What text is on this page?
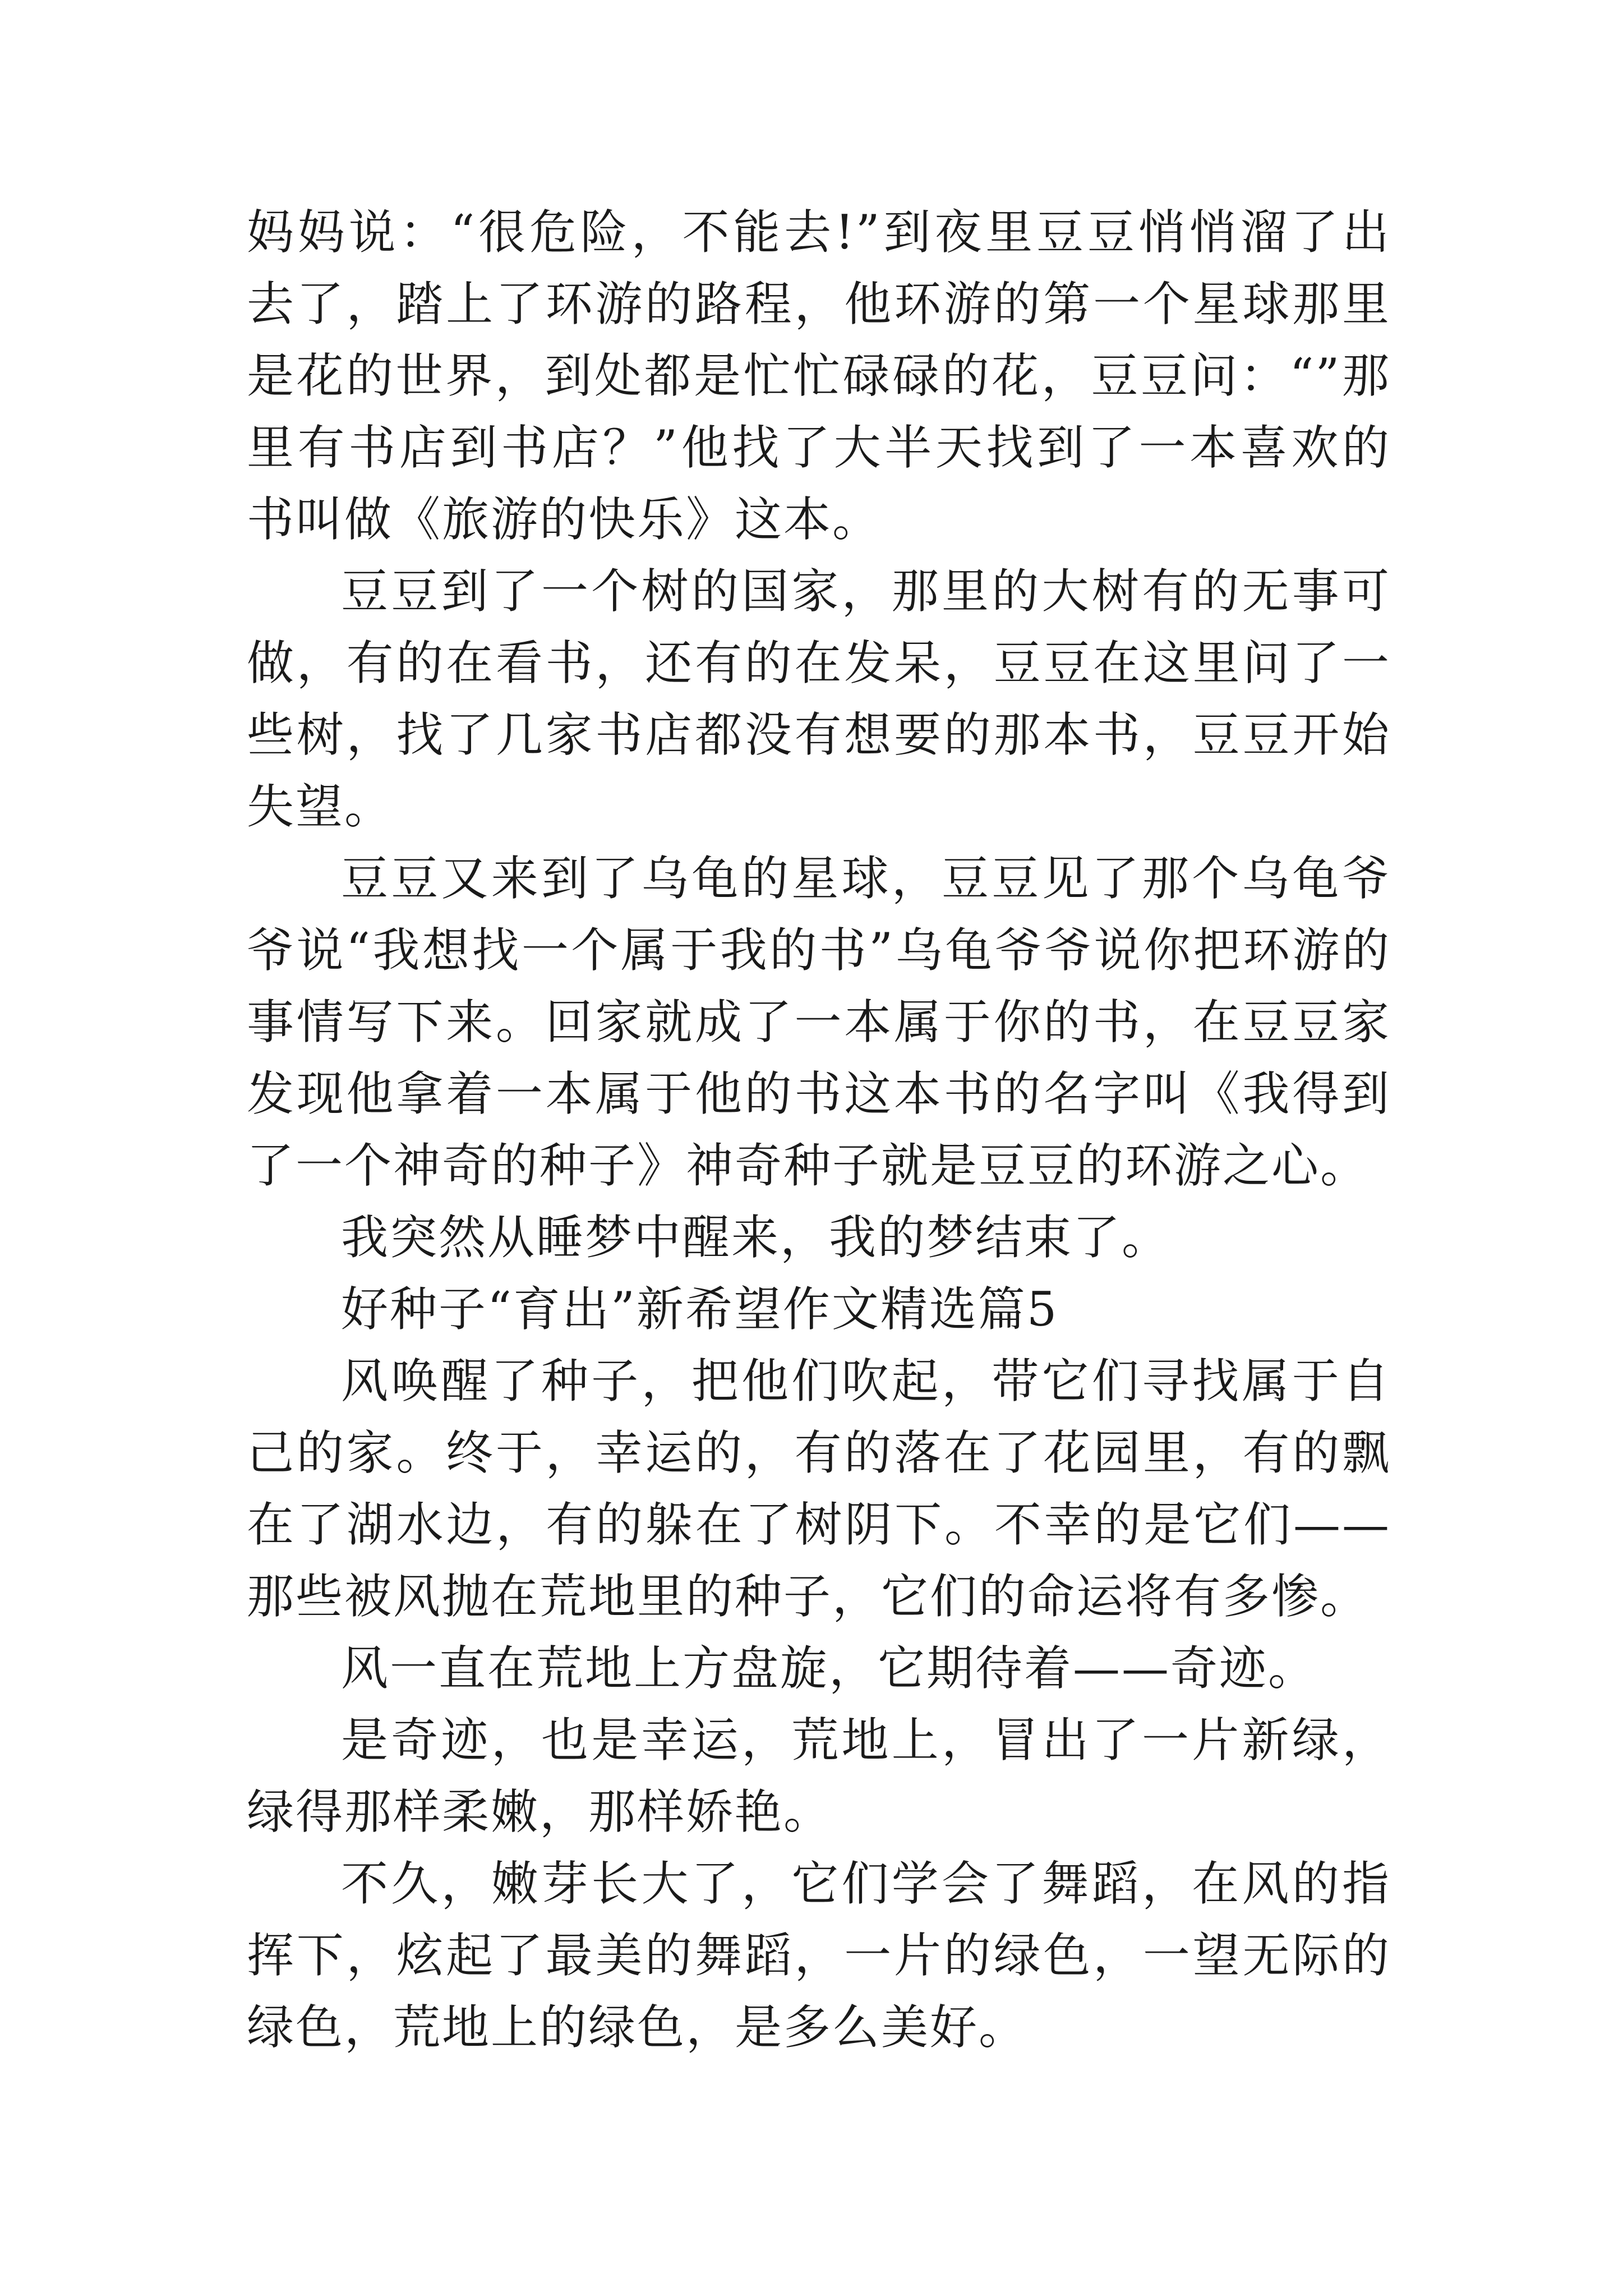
妈妈说：“很危险，不能去!”到夜里豆豆悄悄溜了出去了，踏上了环游的路程，他环游的第一个星球那里是花的世界，到处都是忙忙碌碌的花，豆豆问：“”那里有书店到书店？”他找了大半天找到了一本喜欢的书叫做《旅游的快乐》这本。

豆豆到了一个树的国家，那里的大树有的无事可做，有的在看书，还有的在发呆，豆豆在这里问了一些树，找了几家书店都没有想要的那本书，豆豆开始失望。

豆豆又来到了乌龟的星球，豆豆见了那个乌龟爷爷说“我想找一个属于我的书”乌龟爷爷说你把环游的事情写下来。回家就成了一本属于你的书，在豆豆家发现他拿着一本属于他的书这本书的名字叫《我得到了一个神奇的种子》神奇种子就是豆豆的环游之心。

我突然从睡梦中醒来，我的梦结束了。

好种子“育出”新希望作文精选篇5

风唤醒了种子，把他们吹起，带它们寻找属于自己的家。终于，幸运的，有的落在了花园里，有的飘在了湖水边，有的躲在了树阴下。不幸的是它们——那些被风抛在荒地里的种子，它们的命运将有多惨。

风一直在荒地上方盘旋，它期待着——奇迹。

是奇迹，也是幸运，荒地上，冒出了一片新绿，绿得那样柔嫩，那样娇艳。

不久，嫩芽长大了，它们学会了舞蹈，在风的指挥下，炫起了最美的舞蹈，一片的绿色，一望无际的绿色，荒地上的绿色，是多么美好。
